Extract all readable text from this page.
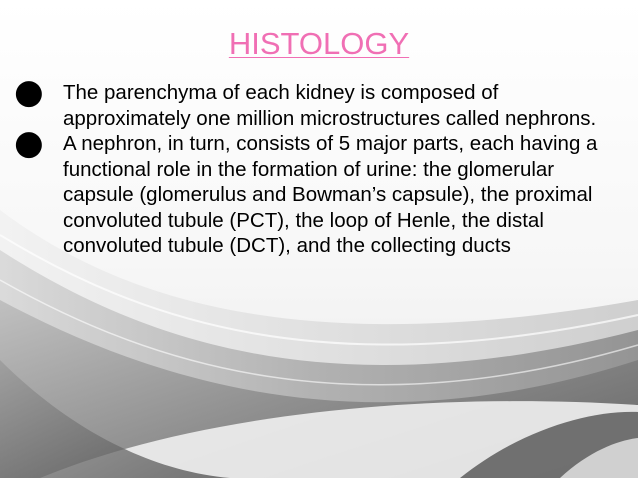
HISTOLOGY
● The parenchyma of each kidney is composed of approximately one million microstructures called nephrons.
● A nephron, in turn, consists of 5 major parts, each having a functional role in the formation of urine: the glomerular capsule (glomerulus and Bowman’s capsule), the proximal convoluted tubule (PCT), the loop of Henle, the distal convoluted tubule (DCT), and the collecting ducts
